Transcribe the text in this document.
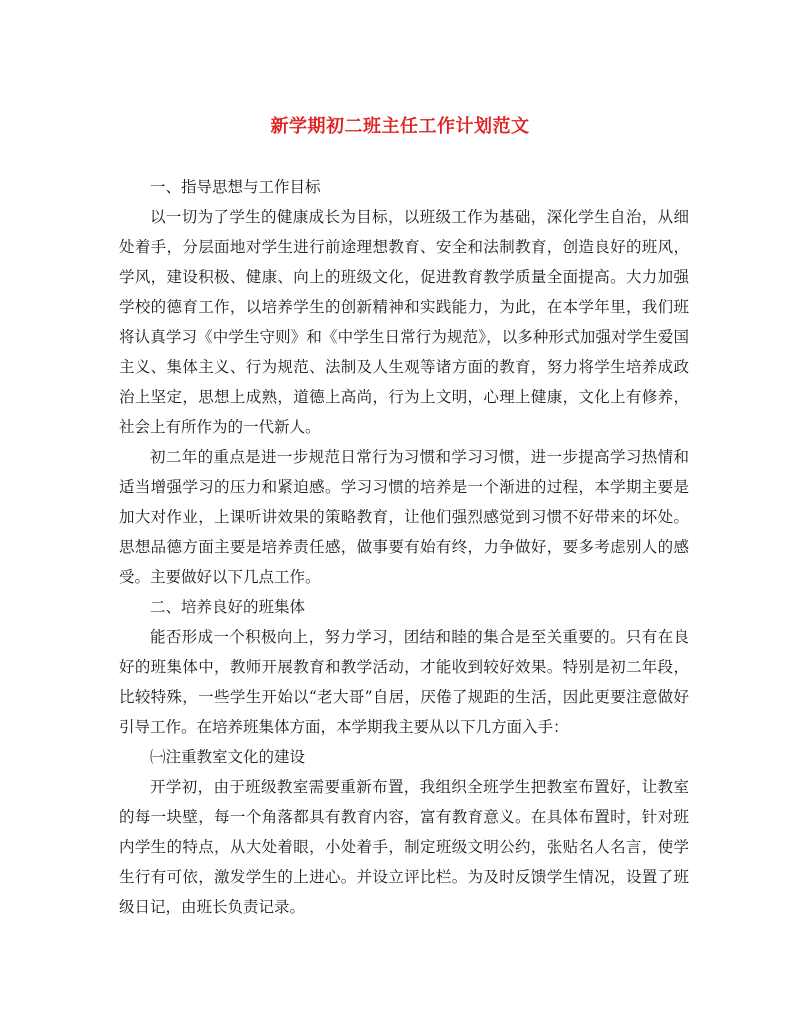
新学期初二班主任工作计划范文

一、指导思想与工作目标

以一切为了学生的健康成长为目标，以班级工作为基础，深化学生自治，从细处着手，分层面地对学生进行前途理想教育、安全和法制教育，创造良好的班风，学风，建设积极、健康、向上的班级文化，促进教育教学质量全面提高。大力加强学校的德育工作，以培养学生的创新精神和实践能力，为此，在本学年里，我们班将认真学习《中学生守则》和《中学生日常行为规范》，以多种形式加强对学生爱国主义、集体主义、行为规范、法制及人生观等诸方面的教育，努力将学生培养成政治上坚定，思想上成熟，道德上高尚，行为上文明，心理上健康，文化上有修养，社会上有所作为的一代新人。

初二年的重点是进一步规范日常行为习惯和学习习惯，进一步提高学习热情和适当增强学习的压力和紧迫感。学习习惯的培养是一个渐进的过程，本学期主要是加大对作业，上课听讲效果的策略教育，让他们强烈感觉到习惯不好带来的坏处。思想品德方面主要是培养责任感，做事要有始有终，力争做好，要多考虑别人的感受。主要做好以下几点工作。

二、培养良好的班集体

能否形成一个积极向上，努力学习，团结和睦的集合是至关重要的。只有在良好的班集体中，教师开展教育和教学活动，才能收到较好效果。特别是初二年段，比较特殊，一些学生开始以“老大哥”自居，厌倦了规距的生活，因此更要注意做好引导工作。在培养班集体方面，本学期我主要从以下几方面入手：

㈠注重教室文化的建设

开学初，由于班级教室需要重新布置，我组织全班学生把教室布置好，让教室的每一块壁，每一个角落都具有教育内容，富有教育意义。在具体布置时，针对班内学生的特点，从大处着眼，小处着手，制定班级文明公约，张贴名人名言，使学生行有可依，激发学生的上进心。并设立评比栏。为及时反馈学生情况，设置了班级日记，由班长负责记录。
